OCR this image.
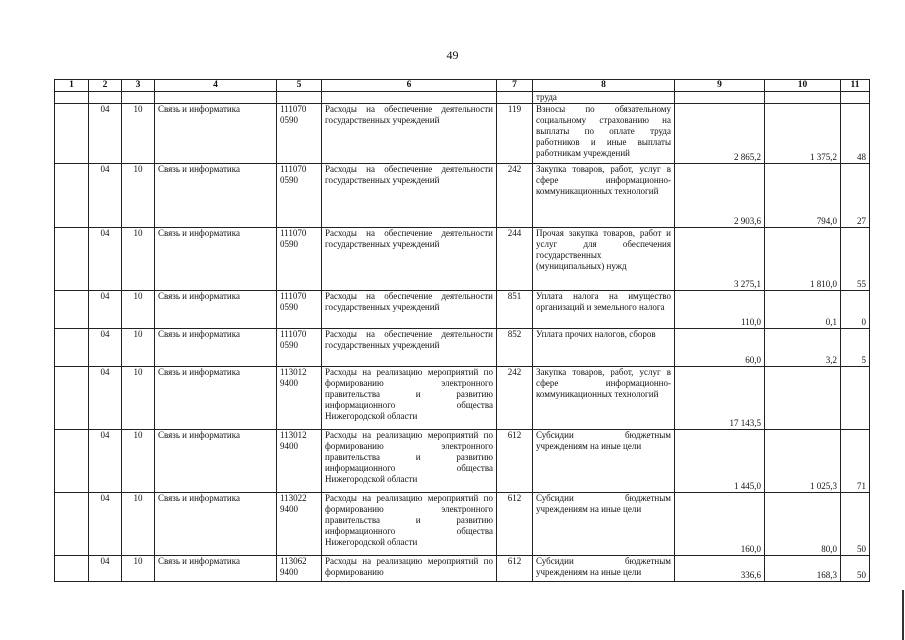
49
1	2	3	4	5	6	7	8	9	10	11
							труда			
	04	10	Связь и информатика	111070 0590	Расходы на обеспечение деятельности государственных учреждений	119	Взносы по обязательному социальному страхованию на выплаты по оплате труда работников и иные выплаты работникам учреждений	2 865,2	1 375,2	48
	04	10	Связь и информатика	111070 0590	Расходы на обеспечение деятельности государственных учреждений	242	Закупка товаров, работ, услуг в сфере информационно-коммуникационных технологий	2 903,6	794,0	27
	04	10	Связь и информатика	111070 0590	Расходы на обеспечение деятельности государственных учреждений	244	Прочая закупка товаров, работ и услуг для обеспечения государственных (муниципальных) нужд	3 275,1	1 810,0	55
	04	10	Связь и информатика	111070 0590	Расходы на обеспечение деятельности государственных учреждений	851	Уплата налога на имущество организаций и земельного налога	110,0	0,1	0
	04	10	Связь и информатика	111070 0590	Расходы на обеспечение деятельности государственных учреждений	852	Уплата прочих налогов, сборов	60,0	3,2	5
	04	10	Связь и информатика	113012 9400	Расходы на реализацию мероприятий по формированию электронного правительства и развитию информационного общества Нижегородской области	242	Закупка товаров, работ, услуг в сфере информационно-коммуникационных технологий	17 143,5		
	04	10	Связь и информатика	113012 9400	Расходы на реализацию мероприятий по формированию электронного правительства и развитию информационного общества Нижегородской области	612	Субсидии бюджетным учреждениям на иные цели	1 445,0	1 025,3	71
	04	10	Связь и информатика	113022 9400	Расходы на реализацию мероприятий по формированию электронного правительства и развитию информационного общества Нижегородской области	612	Субсидии бюджетным учреждениям на иные цели	160,0	80,0	50
	04	10	Связь и информатика	113062 9400	Расходы на реализацию мероприятий по формированию	612	Субсидии бюджетным учреждениям на иные цели	336,6	168,3	50
